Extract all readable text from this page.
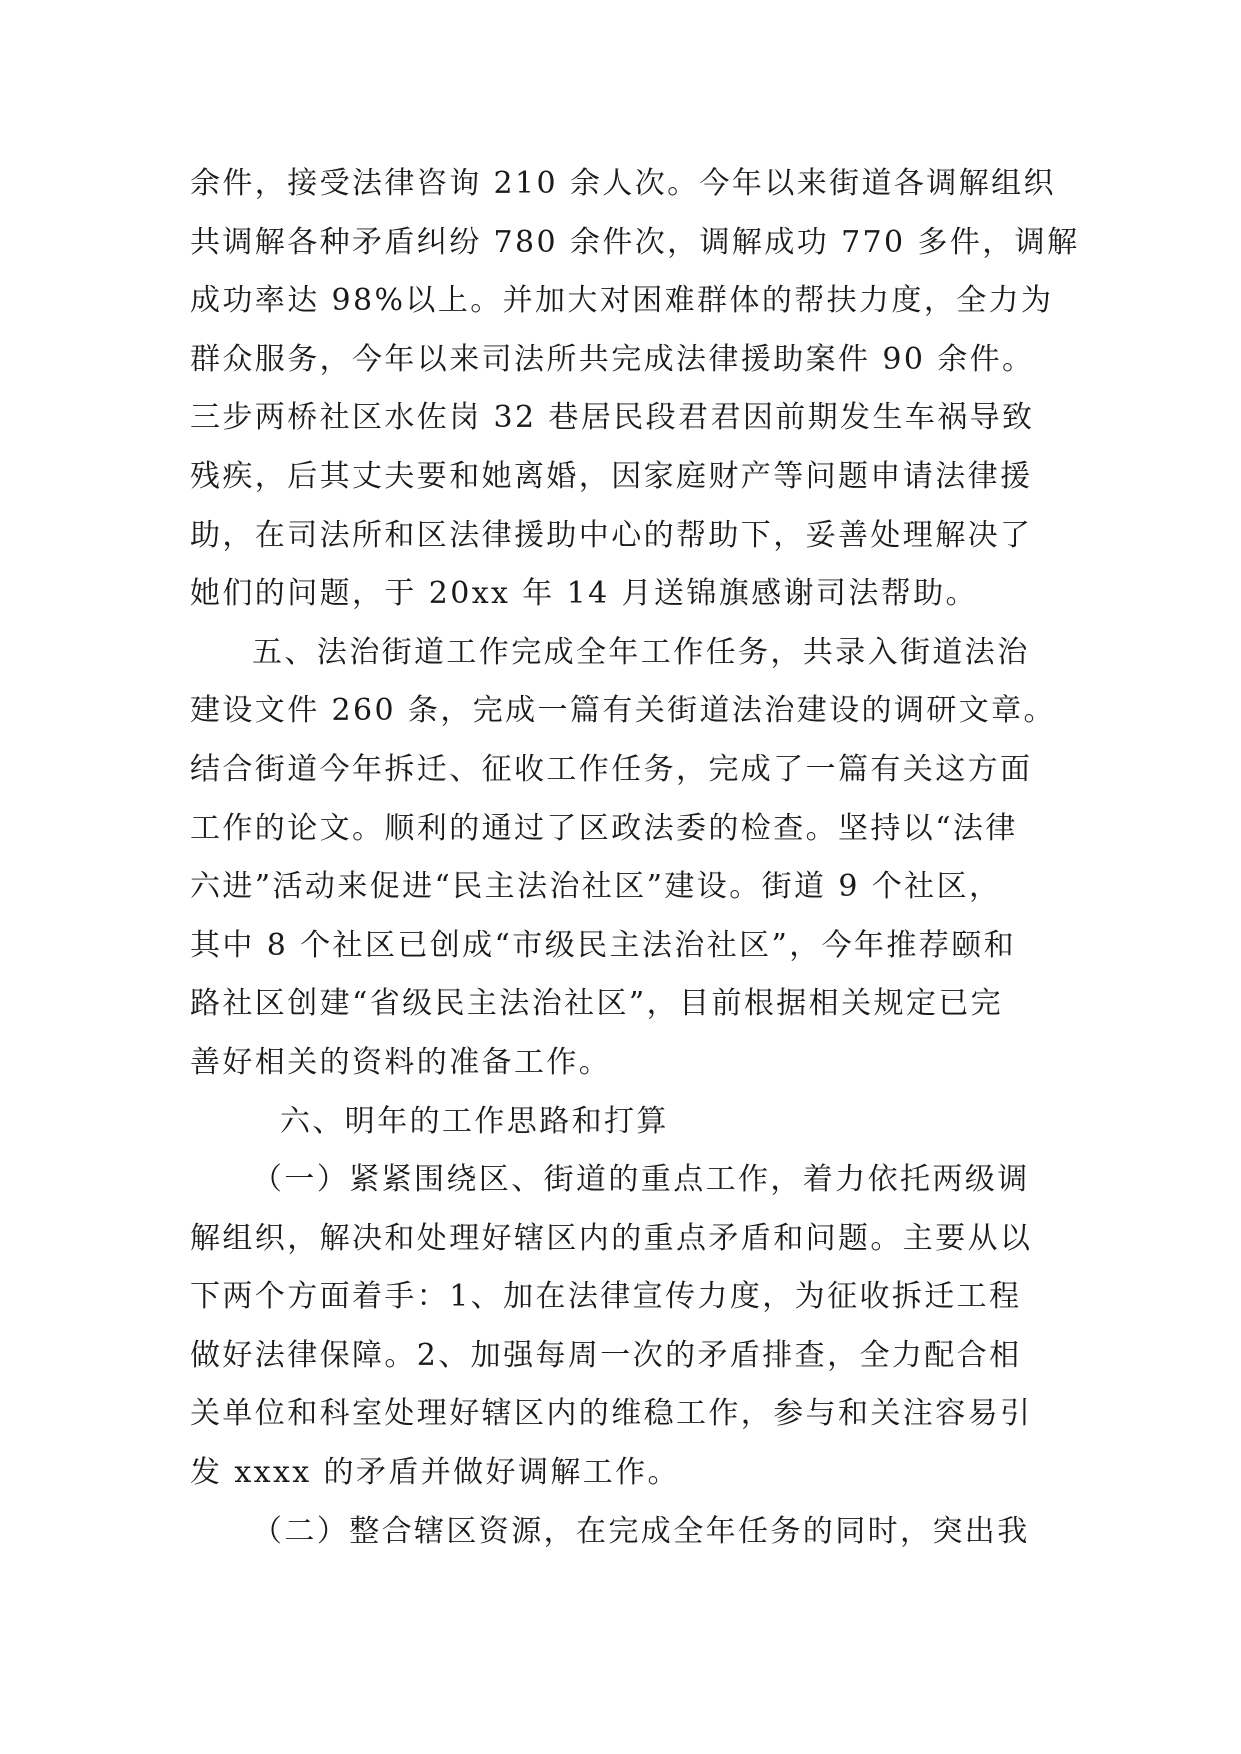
余件，接受法律咨询 210 余人次。今年以来街道各调解组织
共调解各种矛盾纠纷 780 余件次，调解成功 770 多件，调解
成功率达 98%以上。并加大对困难群体的帮扶力度，全力为
群众服务，今年以来司法所共完成法律援助案件 90 余件。
三步两桥社区水佐岗 32 巷居民段君君因前期发生车祸导致
残疾，后其丈夫要和她离婚，因家庭财产等问题申请法律援
助，在司法所和区法律援助中心的帮助下，妥善处理解决了
她们的问题，于 20xx 年 14 月送锦旗感谢司法帮助。
五、法治街道工作完成全年工作任务，共录入街道法治
建设文件 260 条，完成一篇有关街道法治建设的调研文章。
结合街道今年拆迁、征收工作任务，完成了一篇有关这方面
工作的论文。顺利的通过了区政法委的检查。坚持以“法律
六进”活动来促进“民主法治社区”建设。街道 9 个社区，
其中 8 个社区已创成“市级民主法治社区”，今年推荐颐和
路社区创建“省级民主法治社区”，目前根据相关规定已完
善好相关的资料的准备工作。
六、明年的工作思路和打算
（一）紧紧围绕区、街道的重点工作，着力依托两级调
解组织，解决和处理好辖区内的重点矛盾和问题。主要从以
下两个方面着手：1、加在法律宣传力度，为征收拆迁工程
做好法律保障。2、加强每周一次的矛盾排查，全力配合相
关单位和科室处理好辖区内的维稳工作，参与和关注容易引
发 xxxx 的矛盾并做好调解工作。
（二）整合辖区资源，在完成全年任务的同时，突出我
